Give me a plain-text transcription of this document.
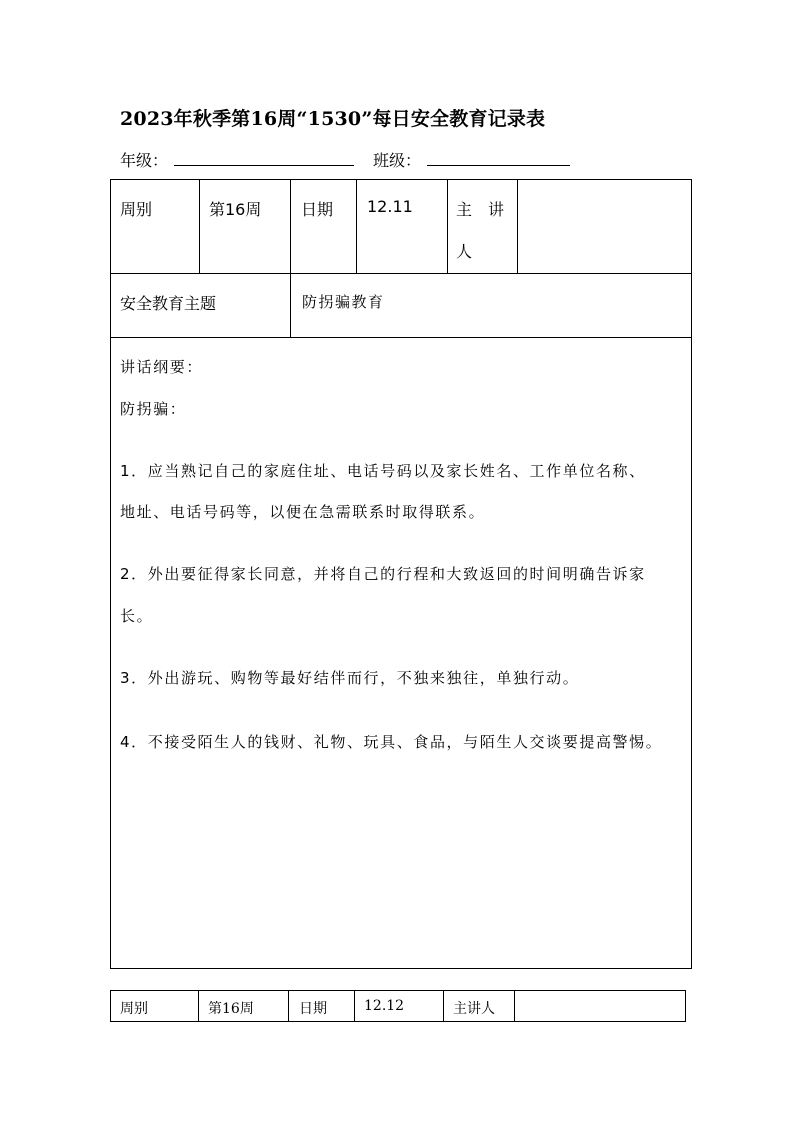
2023年秋季第16周“1530”每日安全教育记录表
年级：	班级：
周别	第16周 日期 12.11	主　讲
人
安全教育主题	防拐骗教育
讲话纲要：
防拐骗：
1．应当熟记自己的家庭住址、电话号码以及家长姓名、工作单位名称、
地址、电话号码等，以便在急需联系时取得联系。
2．外出要征得家长同意，并将自己的行程和大致返回的时间明确告诉家
长。
3．外出游玩、购物等最好结伴而行，不独来独往，单独行动。
4．不接受陌生人的钱财、礼物、玩具、食品，与陌生人交谈要提高警惕。
周别	第16周	日期	12.12	主讲人
